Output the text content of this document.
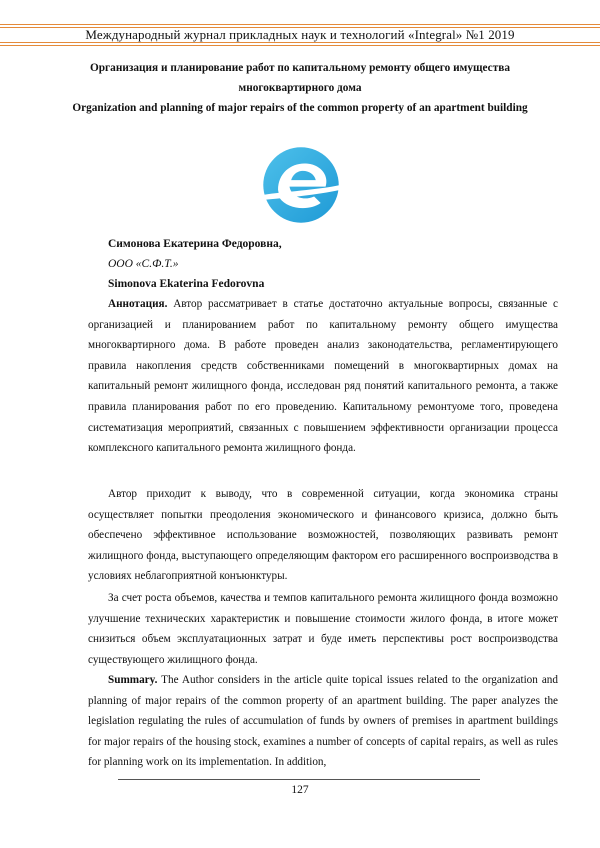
Международный журнал прикладных наук и технологий «Integral» №1 2019
Организация и планирование работ по капитальному ремонту общего имущества многоквартирного дома
Organization and planning of major repairs of the common property of an apartment building
Симонова Екатерина Федоровна,
ООО «С.Ф.Т.»
Simonova Ekaterina Fedorovna

Аннотация. Автор рассматривает в статье достаточно актуальные вопросы, связанные с организацией и планированием работ по капитальному ремонту общего имущества многоквартирного дома. В работе проведен анализ законодательства, регламентирующего правила накопления средств собственниками помещений в многоквартирных домах на капитальный ремонт жилищного фонда, исследован ряд понятий капитального ремонта, а также правила планирования работ по его проведению. Капитальному ремонтуоме того, проведена систематизация мероприятий, связанных с повышением эффективности организации процесса комплексного капитального ремонта жилищного фонда.

Автор приходит к выводу, что в современной ситуации, когда экономика страны осуществляет попытки преодоления экономического и финансового кризиса, должно быть обеспечено эффективное использование возможностей, позволяющих развивать ремонт жилищного фонда, выступающего определяющим фактором его расширенного воспроизводства в условиях неблагоприятной конъюнктуры.

За счет роста объемов, качества и темпов капитального ремонта жилищного фонда возможно улучшение технических характеристик и повышение стоимости жилого фонда, в итоге может снизиться объем эксплуатационных затрат и буде иметь перспективы рост воспроизводства существующего жилищного фонда.

Summary. The Author considers in the article quite topical issues related to the organization and planning of major repairs of the common property of an apartment building. The paper analyzes the legislation regulating the rules of accumulation of funds by owners of premises in apartment buildings for major repairs of the housing stock, examines a number of concepts of capital repairs, as well as rules for planning work on its implementation. In addition,

127
